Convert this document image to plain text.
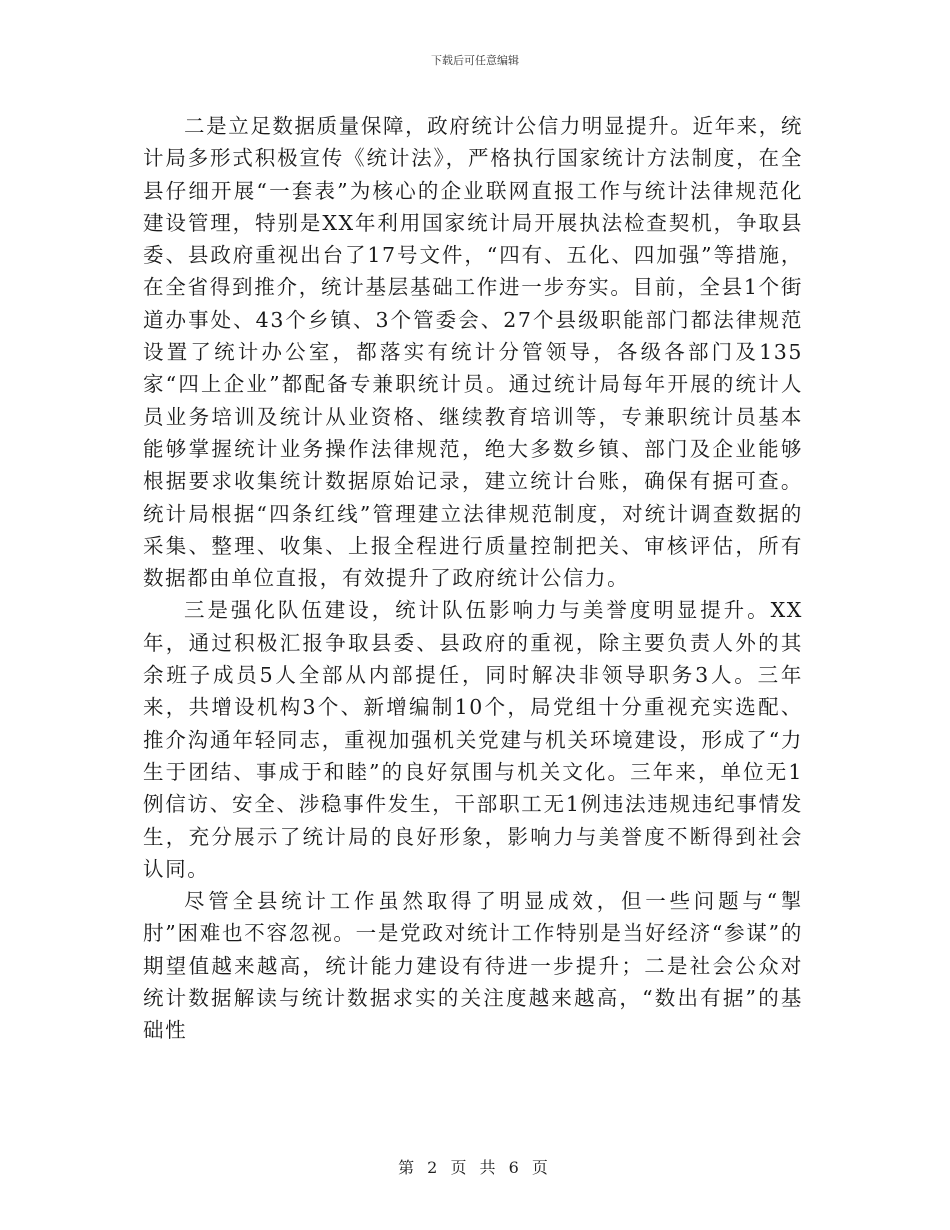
下载后可任意编辑

二是立足数据质量保障，政府统计公信力明显提升。近年来，统计局多形式积极宣传《统计法》，严格执行国家统计方法制度，在全县仔细开展“一套表”为核心的企业联网直报工作与统计法律规范化建设管理，特别是XX年利用国家统计局开展执法检查契机，争取县委、县政府重视出台了17号文件，“四有、五化、四加强”等措施，在全省得到推介，统计基层基础工作进一步夯实。目前，全县1个街道办事处、43个乡镇、3个管委会、27个县级职能部门都法律规范设置了统计办公室，都落实有统计分管领导，各级各部门及135家“四上企业”都配备专兼职统计员。通过统计局每年开展的统计人员业务培训及统计从业资格、继续教育培训等，专兼职统计员基本能够掌握统计业务操作法律规范，绝大多数乡镇、部门及企业能够根据要求收集统计数据原始记录，建立统计台账，确保有据可查。统计局根据“四条红线”管理建立法律规范制度，对统计调查数据的采集、整理、收集、上报全程进行质量控制把关、审核评估，所有数据都由单位直报，有效提升了政府统计公信力。

三是强化队伍建设，统计队伍影响力与美誉度明显提升。XX年，通过积极汇报争取县委、县政府的重视，除主要负责人外的其余班子成员5人全部从内部提任，同时解决非领导职务3人。三年来，共增设机构3个、新增编制10个，局党组十分重视充实选配、推介沟通年轻同志，重视加强机关党建与机关环境建设，形成了“力生于团结、事成于和睦”的良好氛围与机关文化。三年来，单位无1例信访、安全、涉稳事件发生，干部职工无1例违法违规违纪事情发生，充分展示了统计局的良好形象，影响力与美誉度不断得到社会认同。

尽管全县统计工作虽然取得了明显成效，但一些问题与“掣肘”困难也不容忽视。一是党政对统计工作特别是当好经济“参谋”的期望值越来越高，统计能力建设有待进一步提升；二是社会公众对统计数据解读与统计数据求实的关注度越来越高，“数出有据”的基础性

第 2 页 共 6 页
